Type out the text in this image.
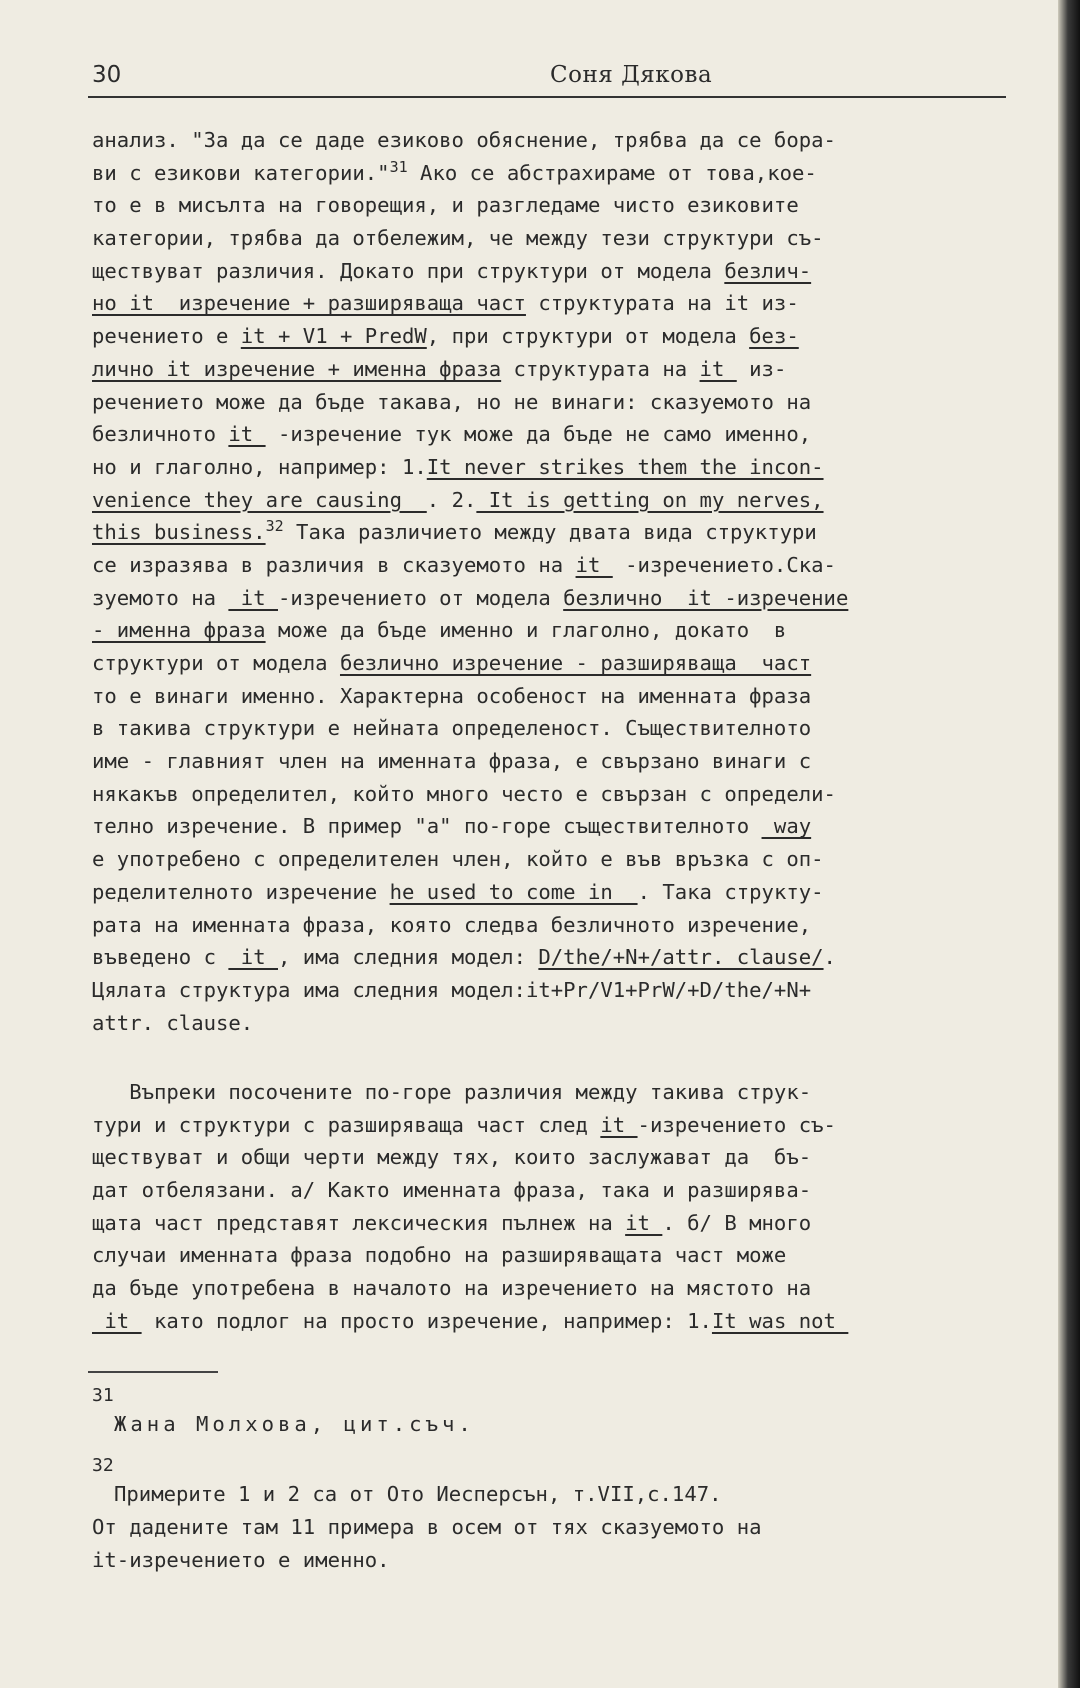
30	Соня Дякова
анализ. "За да се даде езиково обяснение, трябва да се бора-
ви с езикови категории."$^{31}$ Ако се абстрахираме от това,кое-
то е в мисълта на говорещия, и разгледаме чисто езиковите
категории, трябва да отбележим, че между тези структури съ-
ществуват различия. Докато при структури от модела безлич-
но it  изречение + разширяваща част структурата на it из-
речението е it + V1 + PredW, при структури от модела без-
лично it изречение + именна фраза структурата на it  из-
речението може да бъде такава, но не винаги: сказуемото на
безличното it  -изречение тук може да бъде не само именно,
но и глаголно, например: 1.It never strikes them the incon-
venience they are causing  . 2. It is getting on my nerves,
this business.$^{32}$ Така различието между двата вида структури
се изразява в различия в сказуемото на it  -изречението.Ска-
зуемото на  it -изречението от модела безлично  it -изречение
- именна фраза може да бъде именно и глаголно, докато  в
структури от модела безлично изречение - разширяваща  част
то е винаги именно. Характерна особеност на именната фраза
в такива структури е нейната определеност. Съществителното
име - главният член на именната фраза, е свързано винаги с
някакъв определител, който много често е свързан с определи-
телно изречение. В пример "а" по-горе съществителното  way
е употребено с определителен член, който е във връзка с оп-
ределителното изречение he used to come in  . Така структу-
рата на именната фраза, която следва безличното изречение,
въведено с  it , има следния модел: D/the/+N+/attr. clause/.
Цялата структура има следния модел:it+Pr/V1+PrW/+D/the/+N+
attr. clause.
Въпреки посочените по-горе различия между такива струк-
тури и структури с разширяваща част след it -изречението съ-
ществуват и общи черти между тях, които заслужават да  бъ-
дат отбелязани. а/ Както именната фраза, така и разширява-
щата част представят лексическия пълнеж на it . б/ В много
случаи именната фраза подобно на разширяващата част може
да бъде употребена в началото на изречението на мястото на
it  като подлог на просто изречение, например: 1.It was not
31
Жана Молхова, цит.съч.
32
Примерите 1 и 2 са от Ото Иесперсън, т.VII,с.147.
От дадените там 11 примера в осем от тях сказуемото на
it-изречението е именно.
